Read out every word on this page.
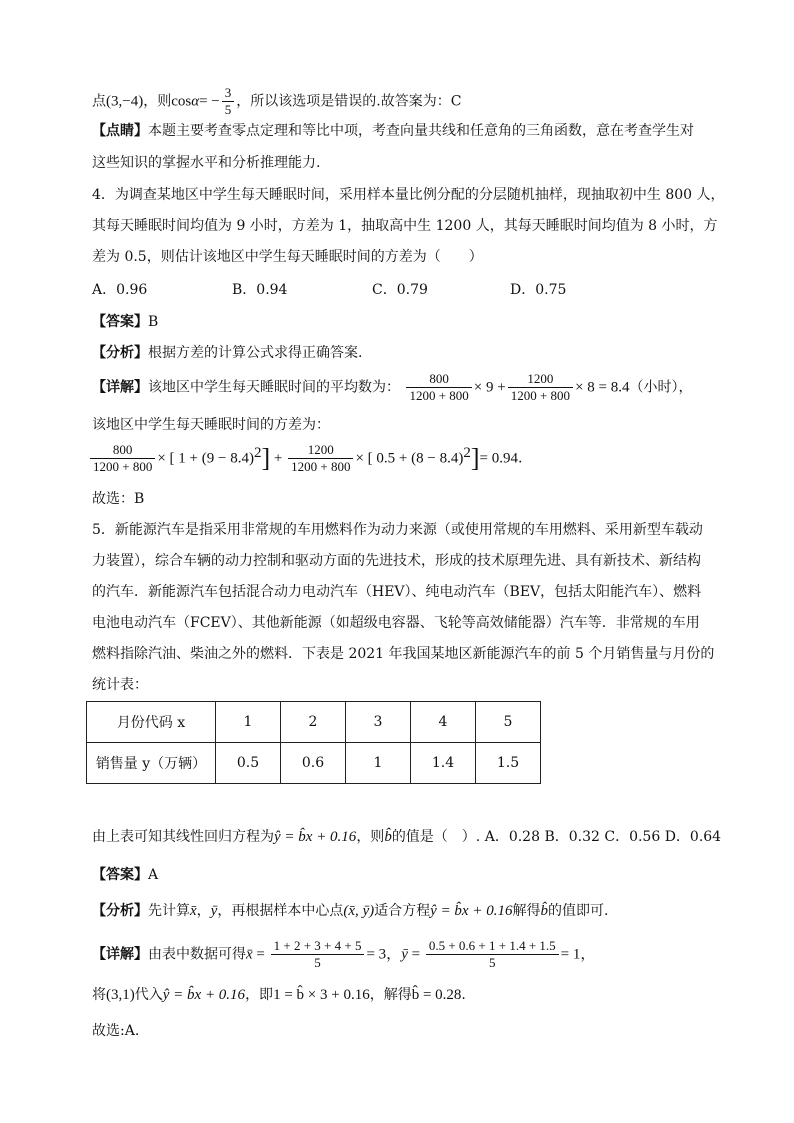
点(3,−4)，则$\cos\alpha= - \frac{3}{5}$ ，所以该选项是错误的.故答案为：C
【点睛】本题主要考查零点定理和等比中项，考查向量共线和任意角的三角函数，意在考查学生对
这些知识的掌握水平和分析推理能力.
4．为调查某地区中学生每天睡眠时间，采用样本量比例分配的分层随机抽样，现抽取初中生 800 人，
其每天睡眠时间均值为 9 小时，方差为 1，抽取高中生 1200 人，其每天睡眠时间均值为 8 小时，方
差为 0.5，则估计该地区中学生每天睡眠时间的方差为（　　）
A．0.96	B．0.94	C．0.79	D．0.75
【答案】B
【分析】根据方差的计算公式求得正确答案.
【详解】该地区中学生每天睡眠时间的平均数为： $\frac{800}{1200 + 800} \times 9 + \frac{1200}{1200 + 800} \times 8 = 8.4$（小时），
该地区中学生每天睡眠时间的方差为：
$\frac{800}{1200 + 800}$ × [ $1 + (9 - 8.4)^2] + \frac{1200}{1200 + 800}$ × [ $0.5 + (8 - 8.4)^2]= 0.94$.
故选：B
5．新能源汽车是指采用非常规的车用燃料作为动力来源（或使用常规的车用燃料、采用新型车载动
力装置），综合车辆的动力控制和驱动方面的先进技术，形成的技术原理先进、具有新技术、新结构
的汽车．新能源汽车包括混合动力电动汽车（HEV）、纯电动汽车（BEV，包括太阳能汽车）、燃料
电池电动汽车（FCEV）、其他新能源（如超级电容器、飞轮等高效储能器）汽车等．非常规的车用
燃料指除汽油、柴油之外的燃料．下表是 2021 年我国某地区新能源汽车的前 5 个月销售量与月份的
统计表：
月份代码 x	1	2	3	4	5
销售量 y（万辆）	0.5	0.6	1	1.4	1.5
由上表可知其线性回归方程为ŷ = b̂x + 0.16，则b̂的值是（　）. A．0.28 B．0.32 C．0.56 D．0.64
【答案】A
【分析】先计算x̄，ȳ，再根据样本中心点(x̄, ȳ)适合方程ŷ = b̂x + 0.16解得b̂的值即可.
【详解】由表中数据可得x̄ = $\frac{1 + 2 + 3 + 4 + 5}{5} = 3$，ȳ = $\frac{0.5 + 0.6 + 1 + 1.4 + 1.5}{5} = 1$，
将(3,1)代入ŷ = b̂x + 0.16，即1 = b̂ × 3 + 0.16，解得b̂ = 0.28.
故选:A.
